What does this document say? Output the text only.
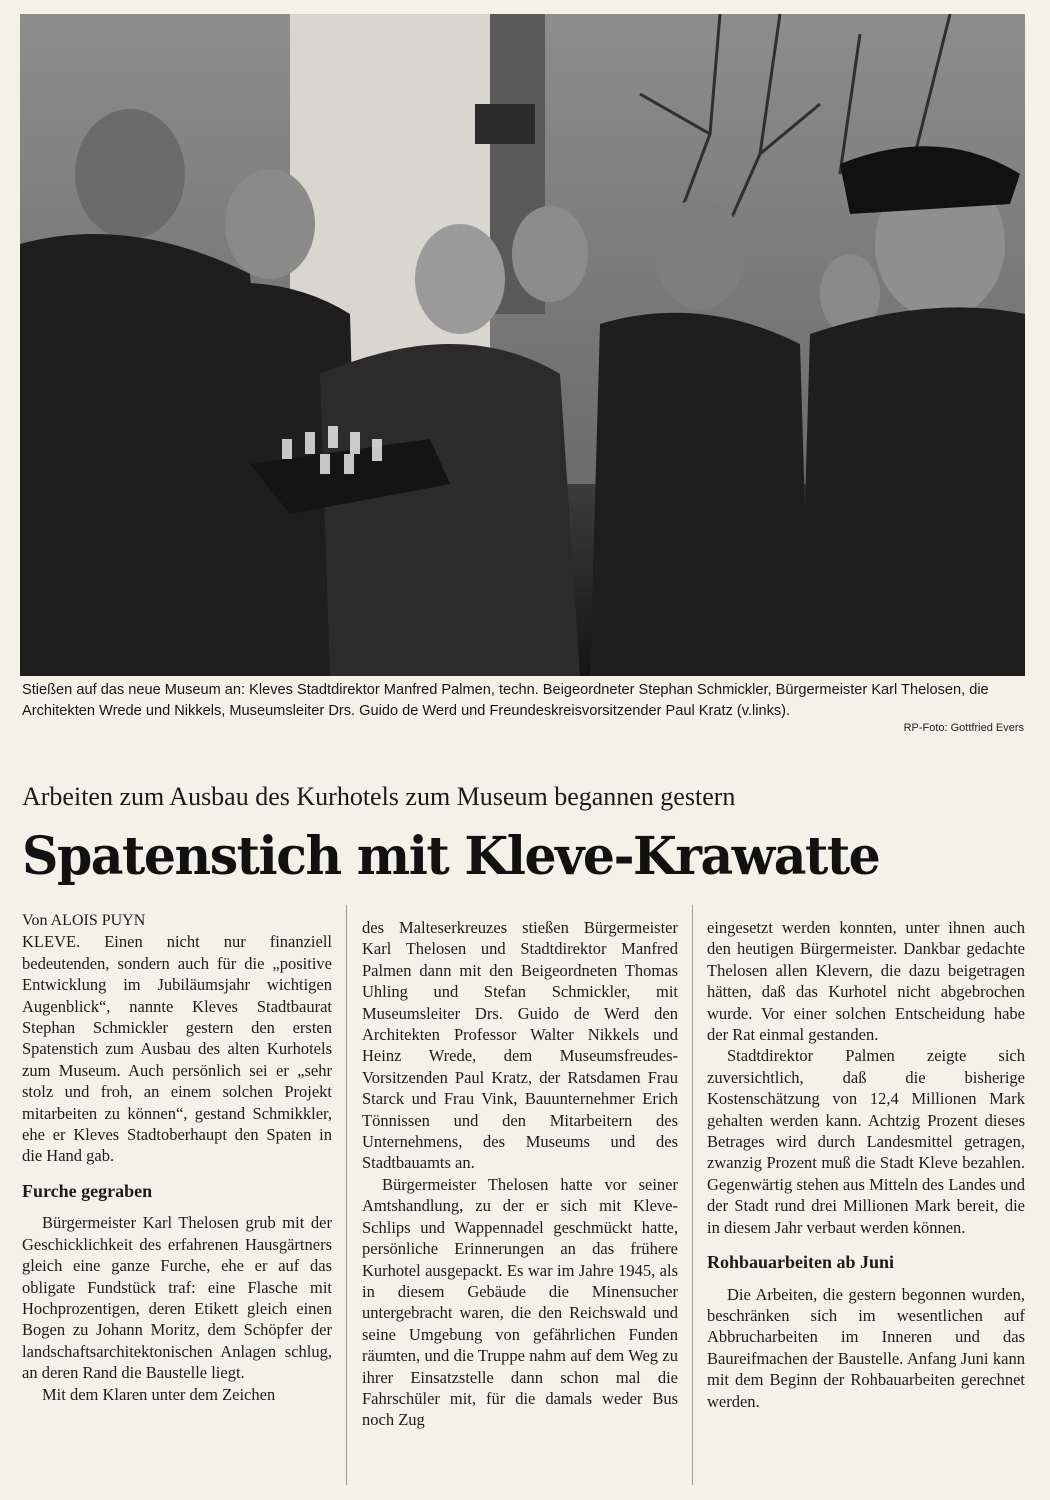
Stießen auf das neue Museum an: Kleves Stadtdirektor Manfred Palmen, techn. Beigeordneter Stephan Schmickler, Bürgermeister Karl Thelosen, die Architekten Wrede und Nikkels, Museumsleiter Drs. Guido de Werd und Freundeskreisvorsitzender Paul Kratz (v.links).
RP-Foto: Gottfried Evers
Arbeiten zum Ausbau des Kurhotels zum Museum begannen gestern
Spatenstich mit Kleve-Krawatte

Von ALOIS PUYN

KLEVE. Einen nicht nur finanziell bedeutenden, sondern auch für die „positive Entwicklung im Jubiläumsjahr wichtigen Augenblick“, nannte Kleves Stadtbaurat Stephan Schmickler gestern den ersten Spatenstich zum Ausbau des alten Kurhotels zum Museum. Auch persönlich sei er „sehr stolz und froh, an einem solchen Projekt mitarbeiten zu können“, gestand Schmikkler, ehe er Kleves Stadtoberhaupt den Spaten in die Hand gab.

Furche gegraben

Bürgermeister Karl Thelosen grub mit der Geschicklichkeit des erfahrenen Hausgärtners gleich eine ganze Furche, ehe er auf das obligate Fundstück traf: eine Flasche mit Hochprozentigen, deren Etikett gleich einen Bogen zu Johann Moritz, dem Schöpfer der landschaftsarchitektonischen Anlagen schlug, an deren Rand die Baustelle liegt.

Mit dem Klaren unter dem Zeichen

des Malteserkreuzes stießen Bürgermeister Karl Thelosen und Stadtdirektor Manfred Palmen dann mit den Beigeordneten Thomas Uhling und Stefan Schmickler, mit Museumsleiter Drs. Guido de Werd den Architekten Professor Walter Nikkels und Heinz Wrede, dem Museumsfreudes-Vorsitzenden Paul Kratz, der Ratsdamen Frau Starck und Frau Vink, Bauunternehmer Erich Tönnissen und den Mitarbeitern des Unternehmens, des Museums und des Stadtbauamts an.

Bürgermeister Thelosen hatte vor seiner Amtshandlung, zu der er sich mit Kleve-Schlips und Wappennadel geschmückt hatte, persönliche Erinnerungen an das frühere Kurhotel ausgepackt. Es war im Jahre 1945, als in diesem Gebäude die Minensucher untergebracht waren, die den Reichswald und seine Umgebung von gefährlichen Funden räumten, und die Truppe nahm auf dem Weg zu ihrer Einsatzstelle dann schon mal die Fahrschüler mit, für die damals weder Bus noch Zug

eingesetzt werden konnten, unter ihnen auch den heutigen Bürgermeister. Dankbar gedachte Thelosen allen Klevern, die dazu beigetragen hätten, daß das Kurhotel nicht abgebrochen wurde. Vor einer solchen Entscheidung habe der Rat einmal gestanden.

Stadtdirektor Palmen zeigte sich zuversichtlich, daß die bisherige Kostenschätzung von 12,4 Millionen Mark gehalten werden kann. Achtzig Prozent dieses Betrages wird durch Landesmittel getragen, zwanzig Prozent muß die Stadt Kleve bezahlen. Gegenwärtig stehen aus Mitteln des Landes und der Stadt rund drei Millionen Mark bereit, die in diesem Jahr verbaut werden können.

Rohbauarbeiten ab Juni

Die Arbeiten, die gestern begonnen wurden, beschränken sich im wesentlichen auf Abbrucharbeiten im Inneren und das Baureifmachen der Baustelle. Anfang Juni kann mit dem Beginn der Rohbauarbeiten gerechnet werden.
